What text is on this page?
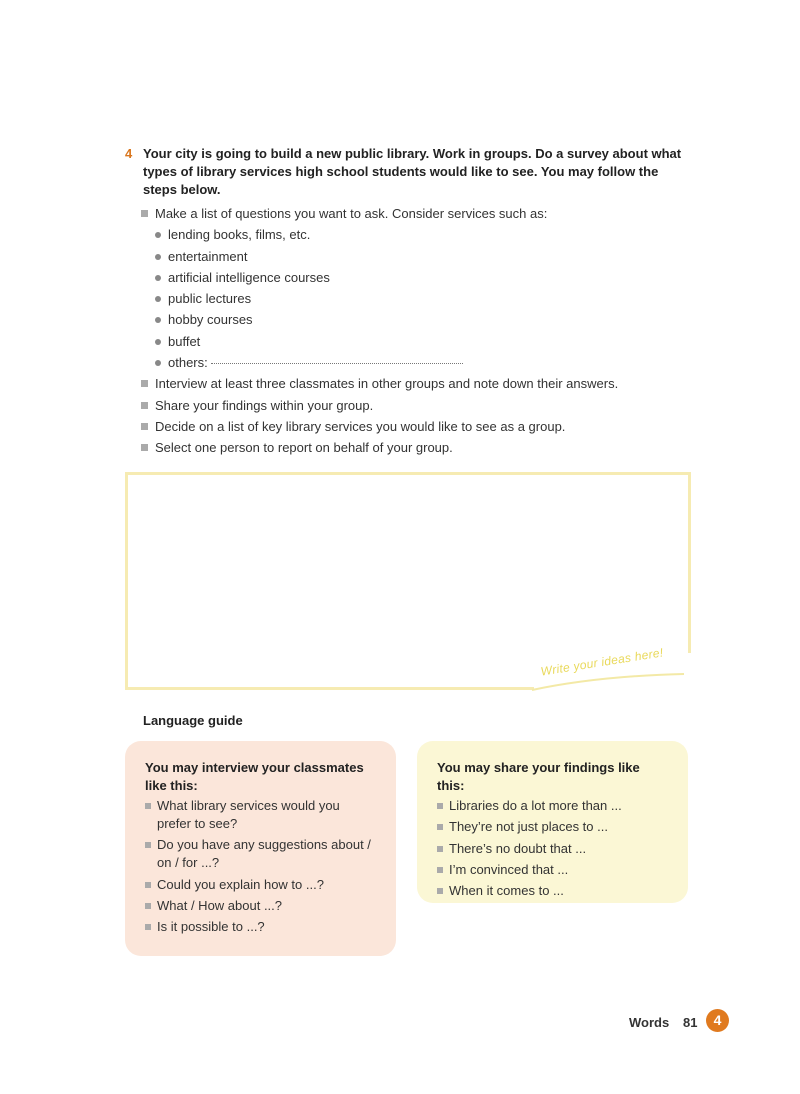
4 Your city is going to build a new public library. Work in groups. Do a survey about what types of library services high school students would like to see. You may follow the steps below.
Make a list of questions you want to ask. Consider services such as:
lending books, films, etc.
entertainment
artificial intelligence courses
public lectures
hobby courses
buffet
others:
Interview at least three classmates in other groups and note down their answers.
Share your findings within your group.
Decide on a list of key library services you would like to see as a group.
Select one person to report on behalf of your group.
Write your ideas here!
Language guide
You may interview your classmates like this:
What library services would you prefer to see?
Do you have any suggestions about / on / for ...?
Could you explain how to ...?
What / How about ...?
Is it possible to ...?
You may share your findings like this:
Libraries do a lot more than ...
They’re not just places to ...
There’s no doubt that ...
I’m convinced that ...
When it comes to ...
Words 81	4
